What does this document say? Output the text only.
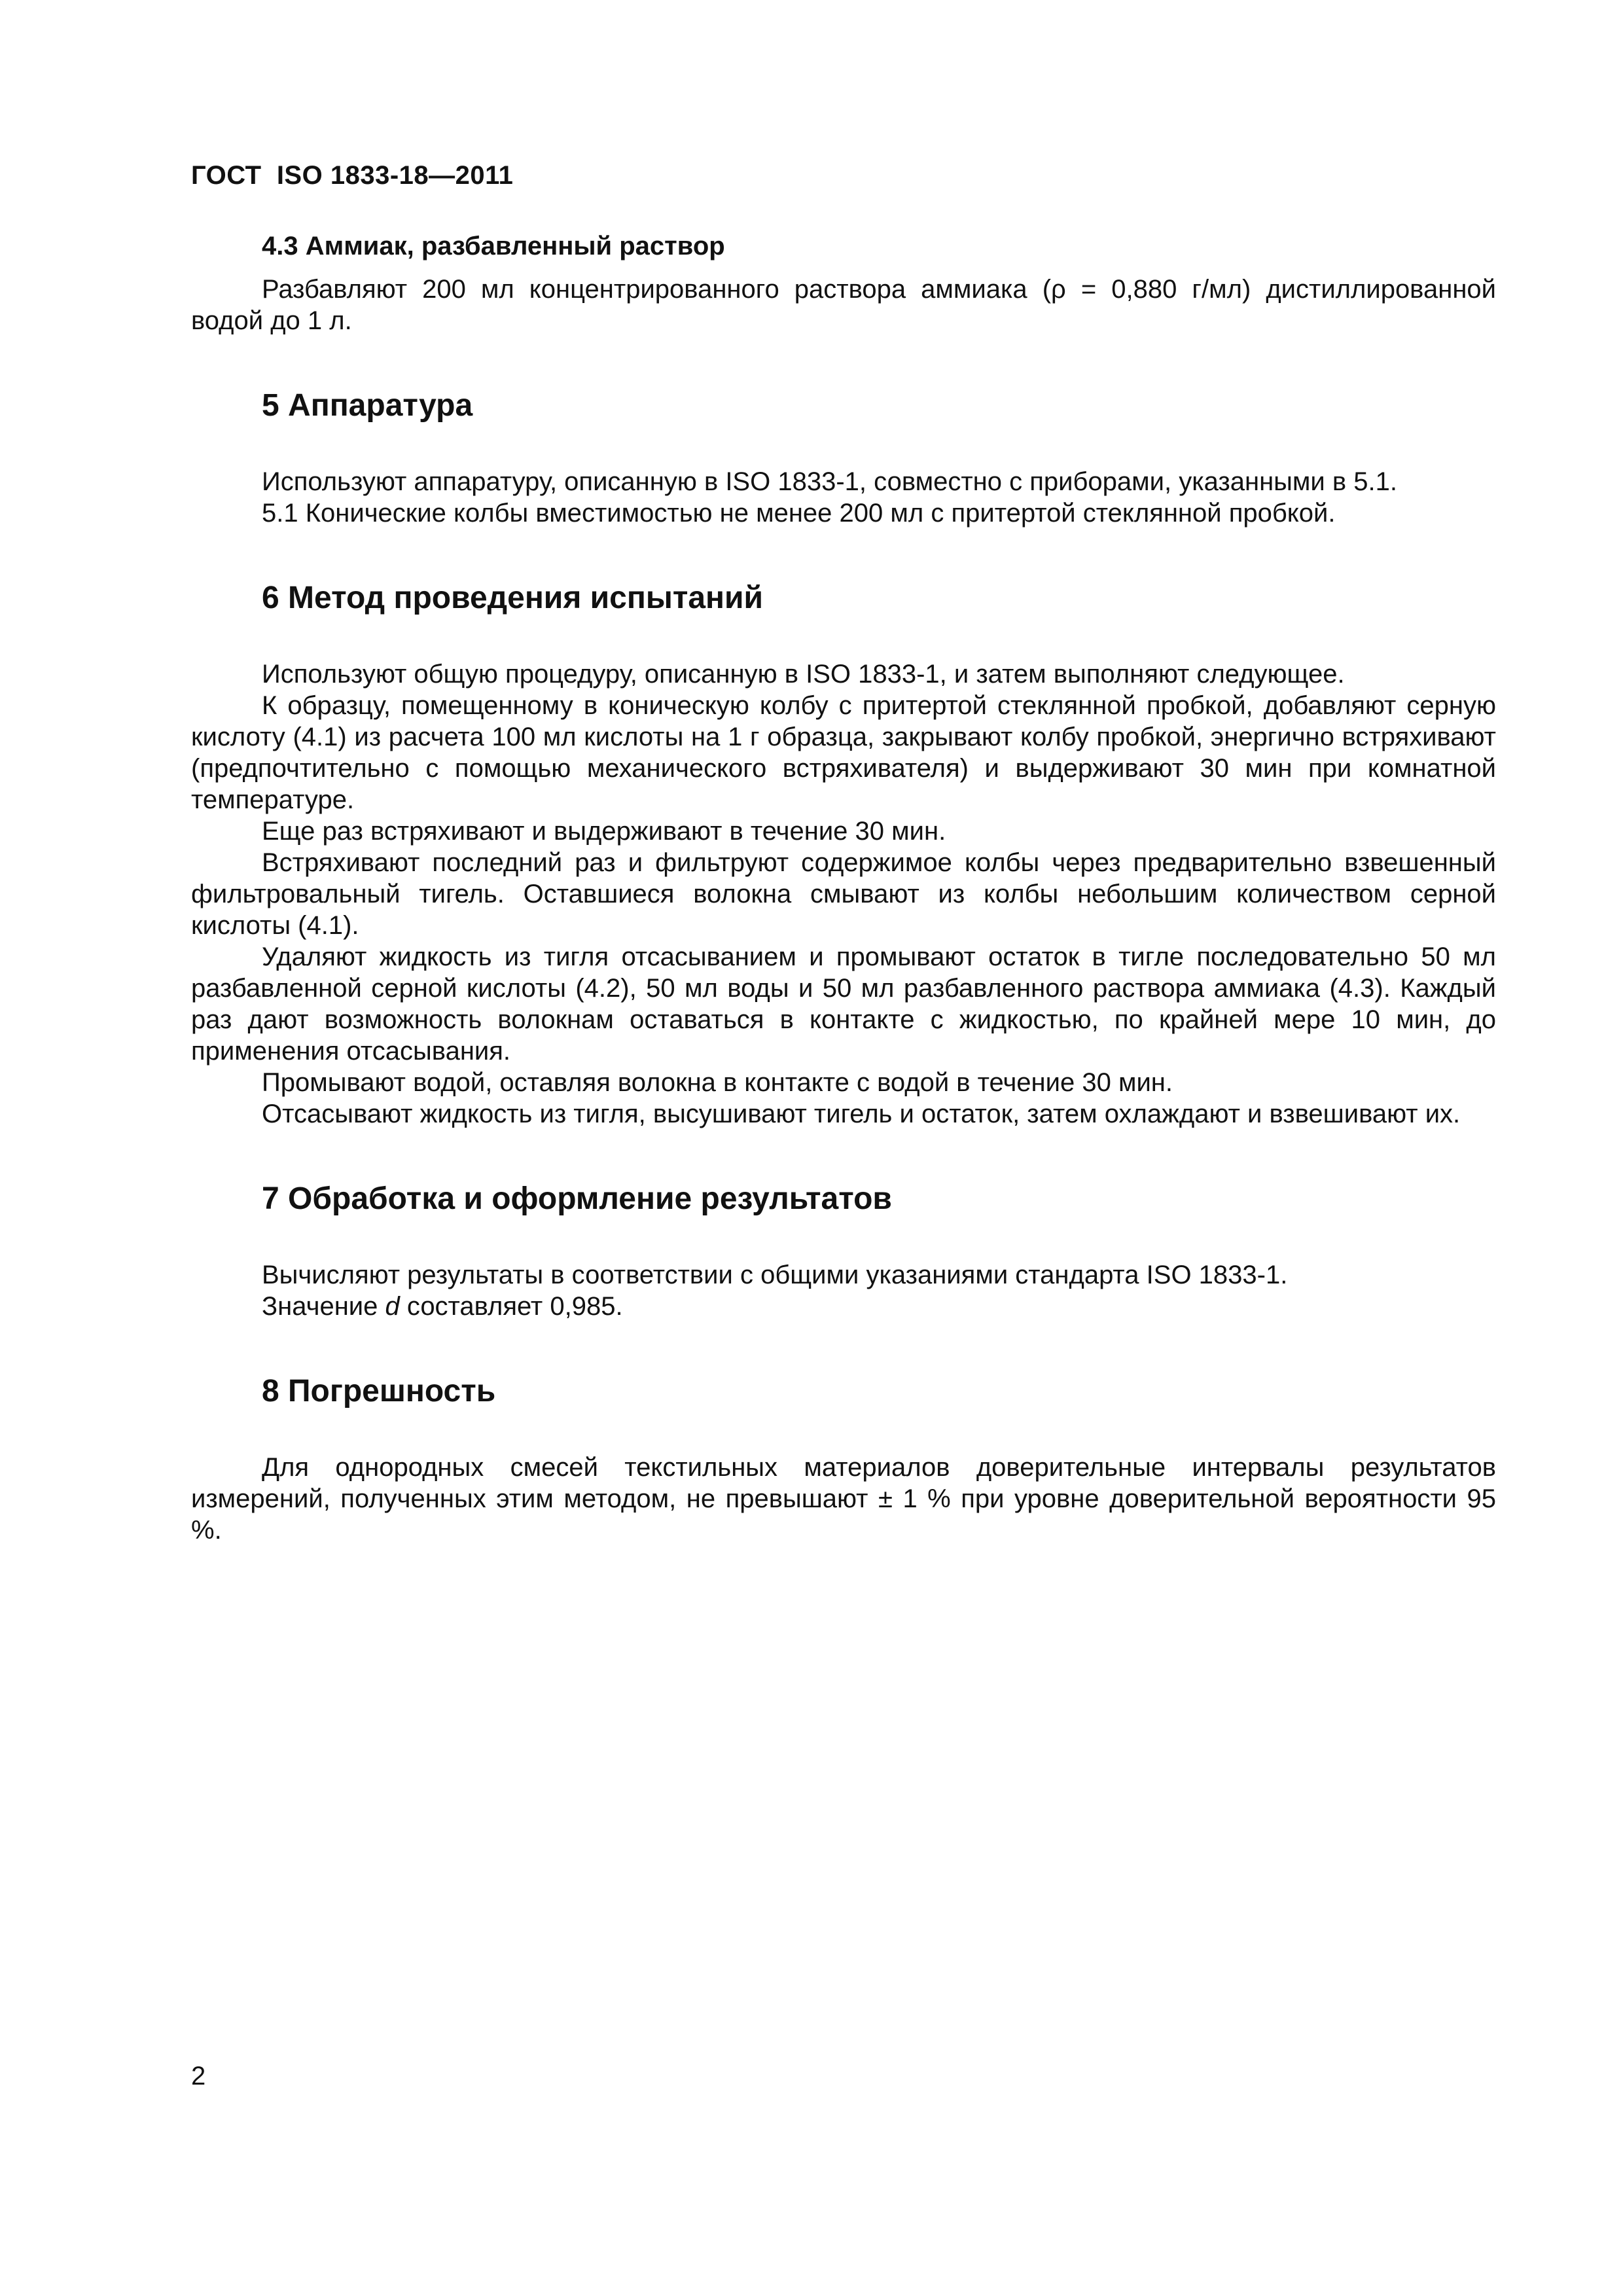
ГОСТ  ISO 1833-18—2011
4.3 Аммиак, разбавленный раствор

Разбавляют 200 мл концентрированного раствора аммиака (ρ = 0,880 г/мл) дистиллированной водой до 1 л.

5 Аппаратура

Используют аппаратуру, описанную в ISO 1833-1, совместно с приборами, указанными в 5.1.

5.1 Конические колбы вместимостью не менее 200 мл с притертой стеклянной пробкой.

6 Метод проведения испытаний

Используют общую процедуру, описанную в ISO 1833-1, и затем выполняют следующее.

К образцу, помещенному в коническую колбу с притертой стеклянной пробкой, добавляют серную кислоту (4.1) из расчета 100 мл кислоты на 1 г образца, закрывают колбу пробкой, энергично встряхивают (предпочтительно с помощью механического встряхивателя) и выдерживают 30 мин при комнатной температуре.

Еще раз встряхивают и выдерживают в течение 30 мин.

Встряхивают последний раз и фильтруют содержимое колбы через предварительно взвешенный фильтровальный тигель. Оставшиеся волокна смывают из колбы небольшим количеством серной кислоты (4.1).

Удаляют жидкость из тигля отсасыванием и промывают остаток в тигле последовательно 50 мл разбавленной серной кислоты (4.2), 50 мл воды и 50 мл разбавленного раствора аммиака (4.3). Каждый раз дают возможность волокнам оставаться в контакте с жидкостью, по крайней мере 10 мин, до применения отсасывания.

Промывают водой, оставляя волокна в контакте с водой в течение 30 мин.

Отсасывают жидкость из тигля, высушивают тигель и остаток, затем охлаждают и взвешивают их.

7 Обработка и оформление результатов

Вычисляют результаты в соответствии с общими указаниями стандарта ISO 1833-1.

Значение d составляет 0,985.

8 Погрешность

Для однородных смесей текстильных материалов доверительные интервалы результатов измерений, полученных этим методом, не превышают ± 1 % при уровне доверительной вероятности 95 %.

2
